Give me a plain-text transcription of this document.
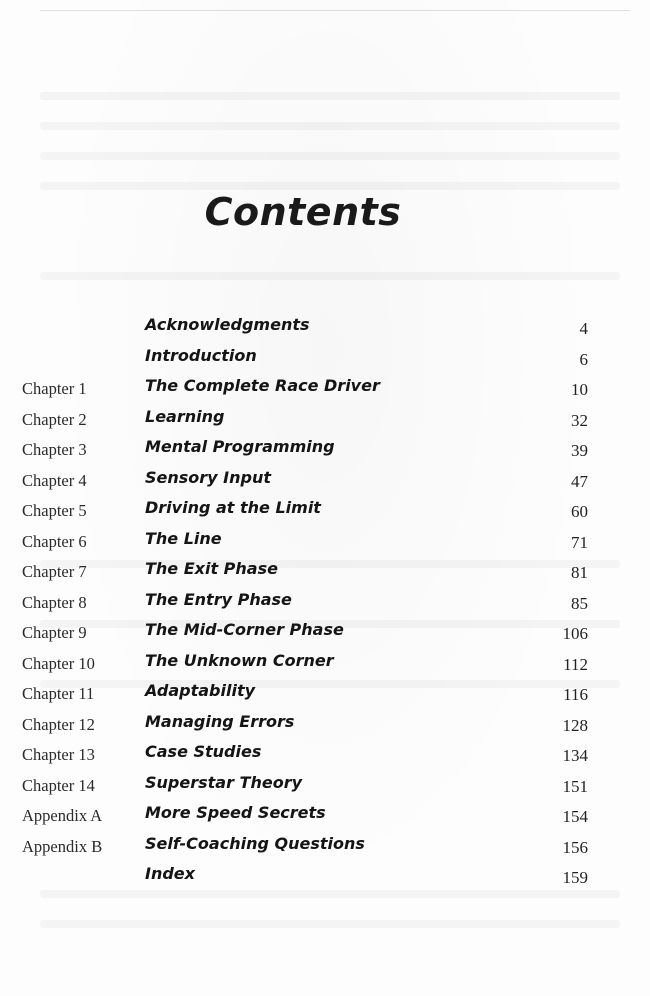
Contents
Acknowledgments	4
Introduction	6
Chapter 1	The Complete Race Driver	10
Chapter 2	Learning	32
Chapter 3	Mental Programming	39
Chapter 4	Sensory Input	47
Chapter 5	Driving at the Limit	60
Chapter 6	The Line	71
Chapter 7	The Exit Phase	81
Chapter 8	The Entry Phase	85
Chapter 9	The Mid-Corner Phase	106
Chapter 10	The Unknown Corner	112
Chapter 11	Adaptability	116
Chapter 12	Managing Errors	128
Chapter 13	Case Studies	134
Chapter 14	Superstar Theory	151
Appendix A	More Speed Secrets	154
Appendix B	Self-Coaching Questions	156
Index	159
